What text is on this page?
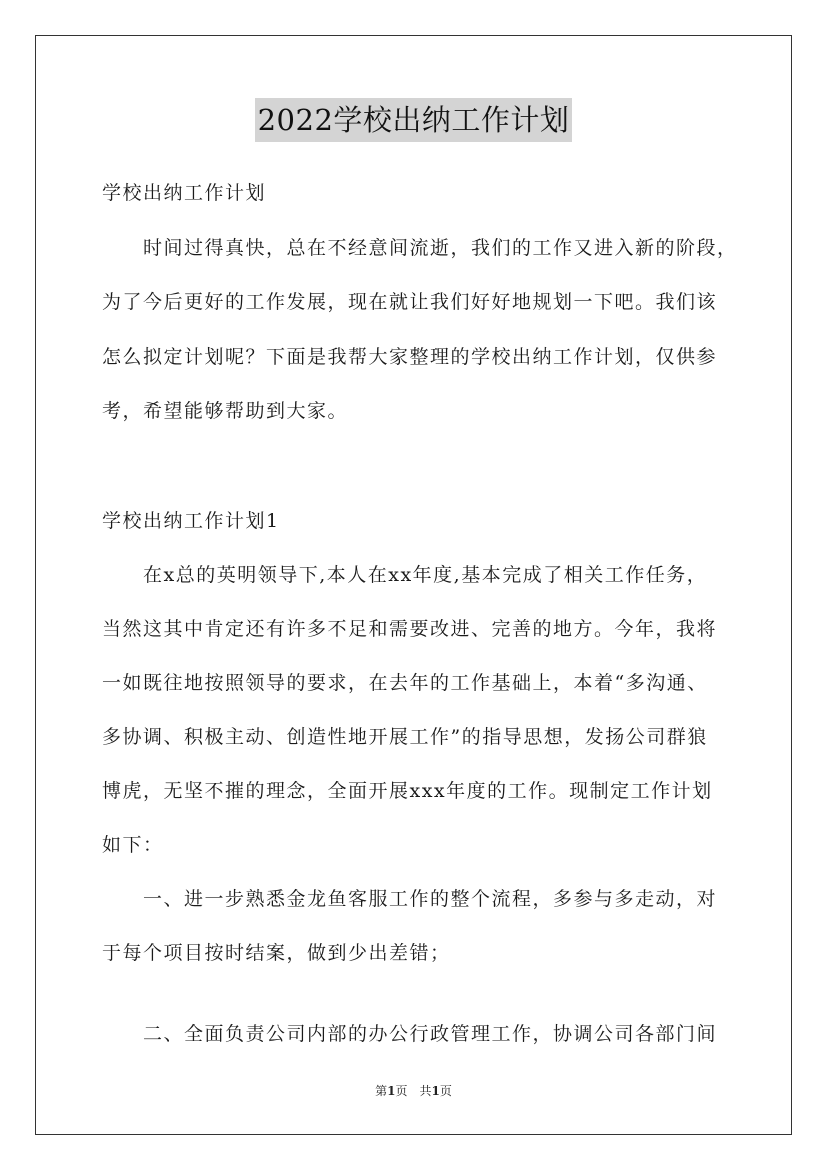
2022学校出纳工作计划
学校出纳工作计划
时间过得真快，总在不经意间流逝，我们的工作又进入新的阶段，
为了今后更好的工作发展，现在就让我们好好地规划一下吧。我们该
怎么拟定计划呢？下面是我帮大家整理的学校出纳工作计划，仅供参
考，希望能够帮助到大家。
学校出纳工作计划1
在x总的英明领导下,本人在xx年度,基本完成了相关工作任务，
当然这其中肯定还有许多不足和需要改进、完善的地方。今年，我将
一如既往地按照领导的要求，在去年的工作基础上，本着“多沟通、
多协调、积极主动、创造性地开展工作”的指导思想，发扬公司群狼
博虎，无坚不摧的理念，全面开展xxx年度的工作。现制定工作计划
如下：
一、进一步熟悉金龙鱼客服工作的整个流程，多参与多走动，对
于每个项目按时结案，做到少出差错；
二、全面负责公司内部的办公行政管理工作，协调公司各部门间
第1页　共1页
